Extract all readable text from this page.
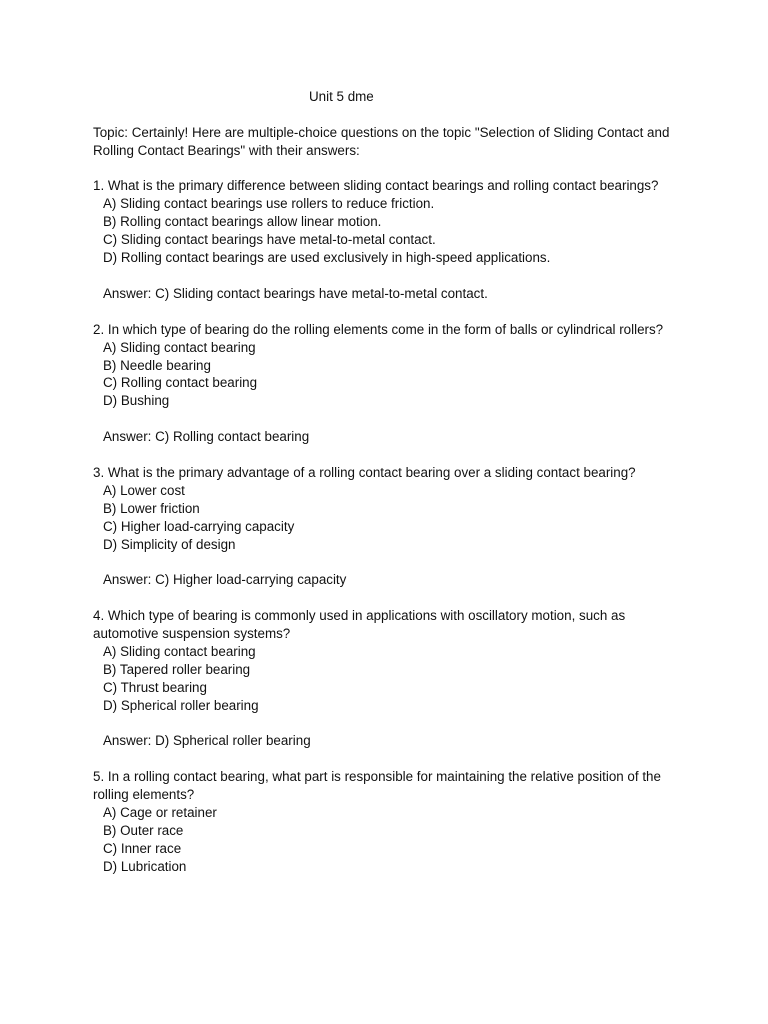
Unit 5 dme

Topic: Certainly! Here are multiple-choice questions on the topic "Selection of Sliding Contact and Rolling Contact Bearings" with their answers:

1. What is the primary difference between sliding contact bearings and rolling contact bearings?

A) Sliding contact bearings use rollers to reduce friction.

B) Rolling contact bearings allow linear motion.

C) Sliding contact bearings have metal-to-metal contact.

D) Rolling contact bearings are used exclusively in high-speed applications.

Answer: C) Sliding contact bearings have metal-to-metal contact.

2. In which type of bearing do the rolling elements come in the form of balls or cylindrical rollers?

A) Sliding contact bearing

B) Needle bearing

C) Rolling contact bearing

D) Bushing

Answer: C) Rolling contact bearing

3. What is the primary advantage of a rolling contact bearing over a sliding contact bearing?

A) Lower cost

B) Lower friction

C) Higher load-carrying capacity

D) Simplicity of design

Answer: C) Higher load-carrying capacity

4. Which type of bearing is commonly used in applications with oscillatory motion, such as automotive suspension systems?

A) Sliding contact bearing

B) Tapered roller bearing

C) Thrust bearing

D) Spherical roller bearing

Answer: D) Spherical roller bearing

5. In a rolling contact bearing, what part is responsible for maintaining the relative position of the rolling elements?

A) Cage or retainer

B) Outer race

C) Inner race

D) Lubrication
